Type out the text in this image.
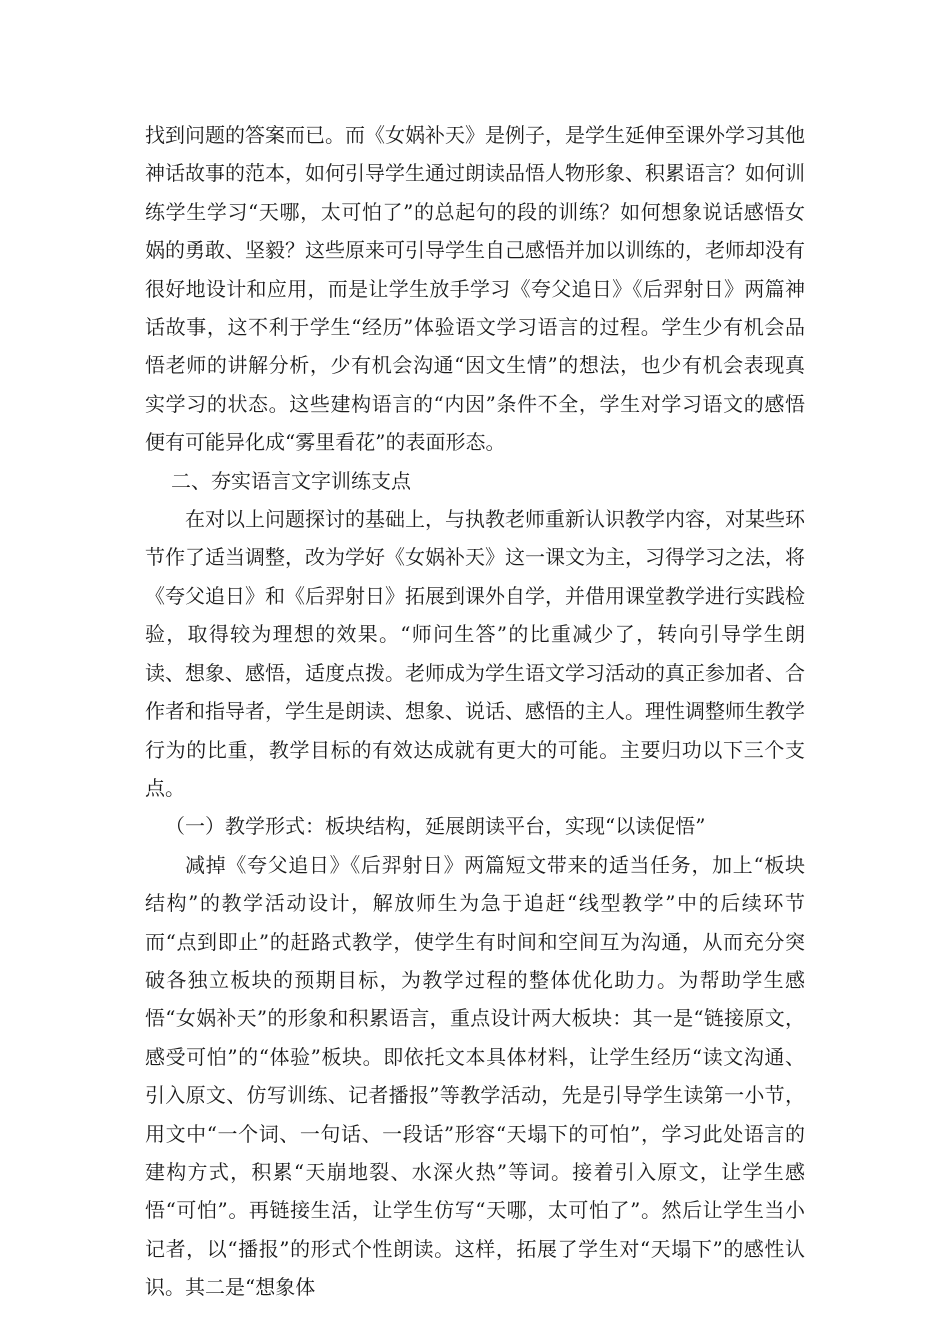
找到问题的答案而已。而《女娲补天》是例子，是学生延伸至课外学习其他神话故事的范本，如何引导学生通过朗读品悟人物形象、积累语言？如何训练学生学习“天哪，太可怕了”的总起句的段的训练？如何想象说话感悟女娲的勇敢、坚毅？这些原来可引导学生自己感悟并加以训练的，老师却没有很好地设计和应用，而是让学生放手学习《夸父追日》《后羿射日》两篇神话故事，这不利于学生“经历”体验语文学习语言的过程。学生少有机会品悟老师的讲解分析，少有机会沟通“因文生情”的想法，也少有机会表现真实学习的状态。这些建构语言的“内因”条件不全，学生对学习语文的感悟便有可能异化成“雾里看花”的表面形态。

二、夯实语言文字训练支点

在对以上问题探讨的基础上，与执教老师重新认识教学内容，对某些环节作了适当调整，改为学好《女娲补天》这一课文为主，习得学习之法，将《夸父追日》和《后羿射日》拓展到课外自学，并借用课堂教学进行实践检验，取得较为理想的效果。“师问生答”的比重减少了，转向引导学生朗读、想象、感悟，适度点拨。老师成为学生语文学习活动的真正参加者、合作者和指导者，学生是朗读、想象、说话、感悟的主人。理性调整师生教学行为的比重，教学目标的有效达成就有更大的可能。主要归功以下三个支点。

（一）教学形式：板块结构，延展朗读平台，实现“以读促悟”

减掉《夸父追日》《后羿射日》两篇短文带来的适当任务，加上“板块结构”的教学活动设计，解放师生为急于追赶“线型教学”中的后续环节而“点到即止”的赶路式教学，使学生有时间和空间互为沟通，从而充分突破各独立板块的预期目标，为教学过程的整体优化助力。为帮助学生感悟“女娲补天”的形象和积累语言，重点设计两大板块：其一是“链接原文，感受可怕”的“体验”板块。即依托文本具体材料，让学生经历“读文沟通、引入原文、仿写训练、记者播报”等教学活动，先是引导学生读第一小节，用文中“一个词、一句话、一段话”形容“天塌下的可怕”，学习此处语言的建构方式，积累“天崩地裂、水深火热”等词。接着引入原文，让学生感悟“可怕”。再链接生活，让学生仿写“天哪，太可怕了”。然后让学生当小记者，以“播报”的形式个性朗读。这样，拓展了学生对“天塌下”的感性认识。其二是“想象体
